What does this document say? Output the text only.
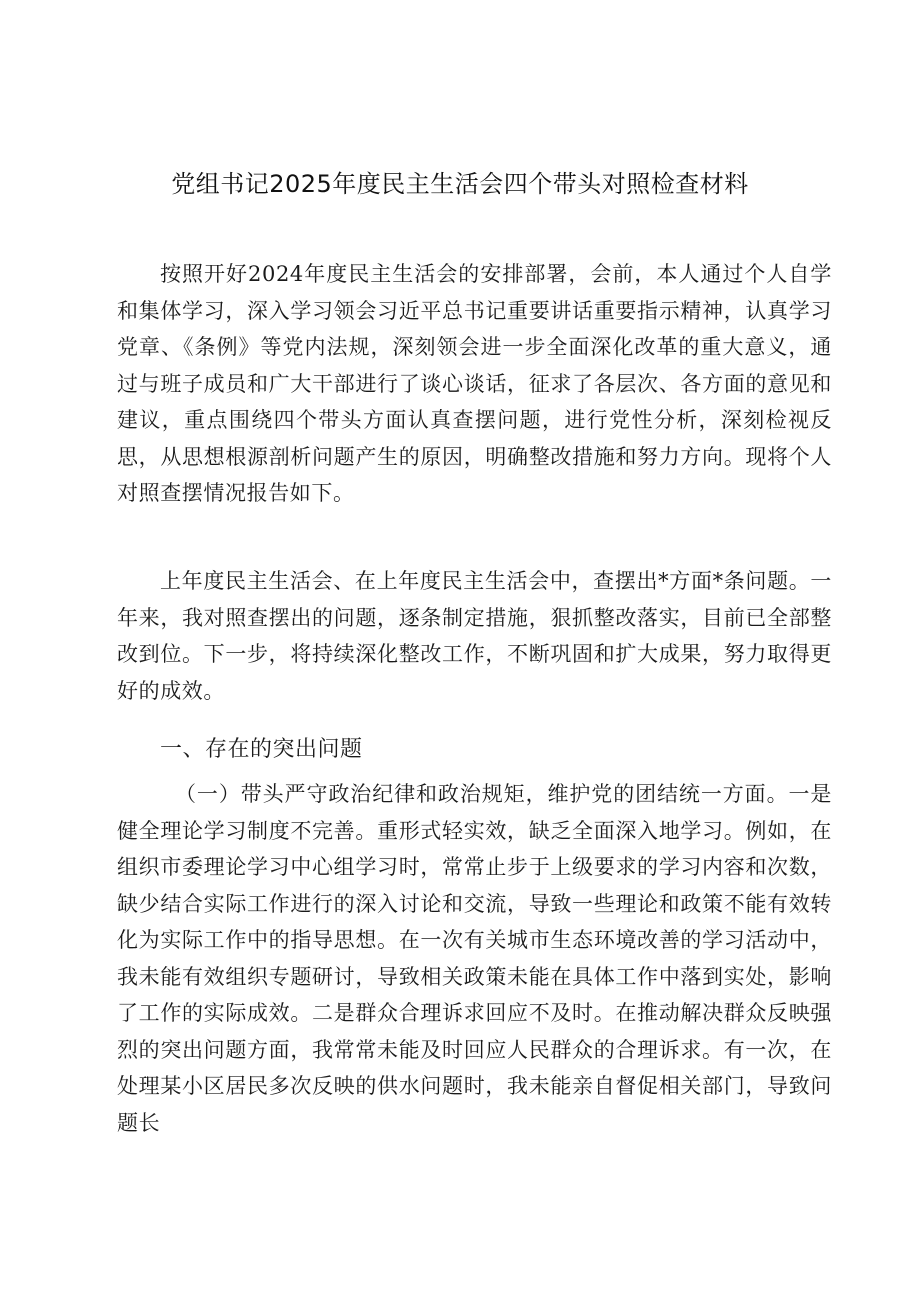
党组书记2025年度民主生活会四个带头对照检查材料

按照开好2024年度民主生活会的安排部署，会前，本人通过个人自学和集体学习，深入学习领会习近平总书记重要讲话重要指示精神，认真学习党章、《条例》等党内法规，深刻领会进一步全面深化改革的重大意义，通过与班子成员和广大干部进行了谈心谈话，征求了各层次、各方面的意见和建议，重点围绕四个带头方面认真查摆问题，进行党性分析，深刻检视反思，从思想根源剖析问题产生的原因，明确整改措施和努力方向。现将个人对照查摆情况报告如下。

上年度民主生活会、在上年度民主生活会中，查摆出*方面*条问题。一年来，我对照查摆出的问题，逐条制定措施，狠抓整改落实，目前已全部整改到位。下一步，将持续深化整改工作，不断巩固和扩大成果，努力取得更好的成效。

一、存在的突出问题

（一）带头严守政治纪律和政治规矩，维护党的团结统一方面。一是健全理论学习制度不完善。重形式轻实效，缺乏全面深入地学习。例如，在组织市委理论学习中心组学习时，常常止步于上级要求的学习内容和次数，缺少结合实际工作进行的深入讨论和交流，导致一些理论和政策不能有效转化为实际工作中的指导思想。在一次有关城市生态环境改善的学习活动中，我未能有效组织专题研讨，导致相关政策未能在具体工作中落到实处，影响了工作的实际成效。二是群众合理诉求回应不及时。在推动解决群众反映强烈的突出问题方面，我常常未能及时回应人民群众的合理诉求。有一次，在处理某小区居民多次反映的供水问题时，我未能亲自督促相关部门，导致问题长
